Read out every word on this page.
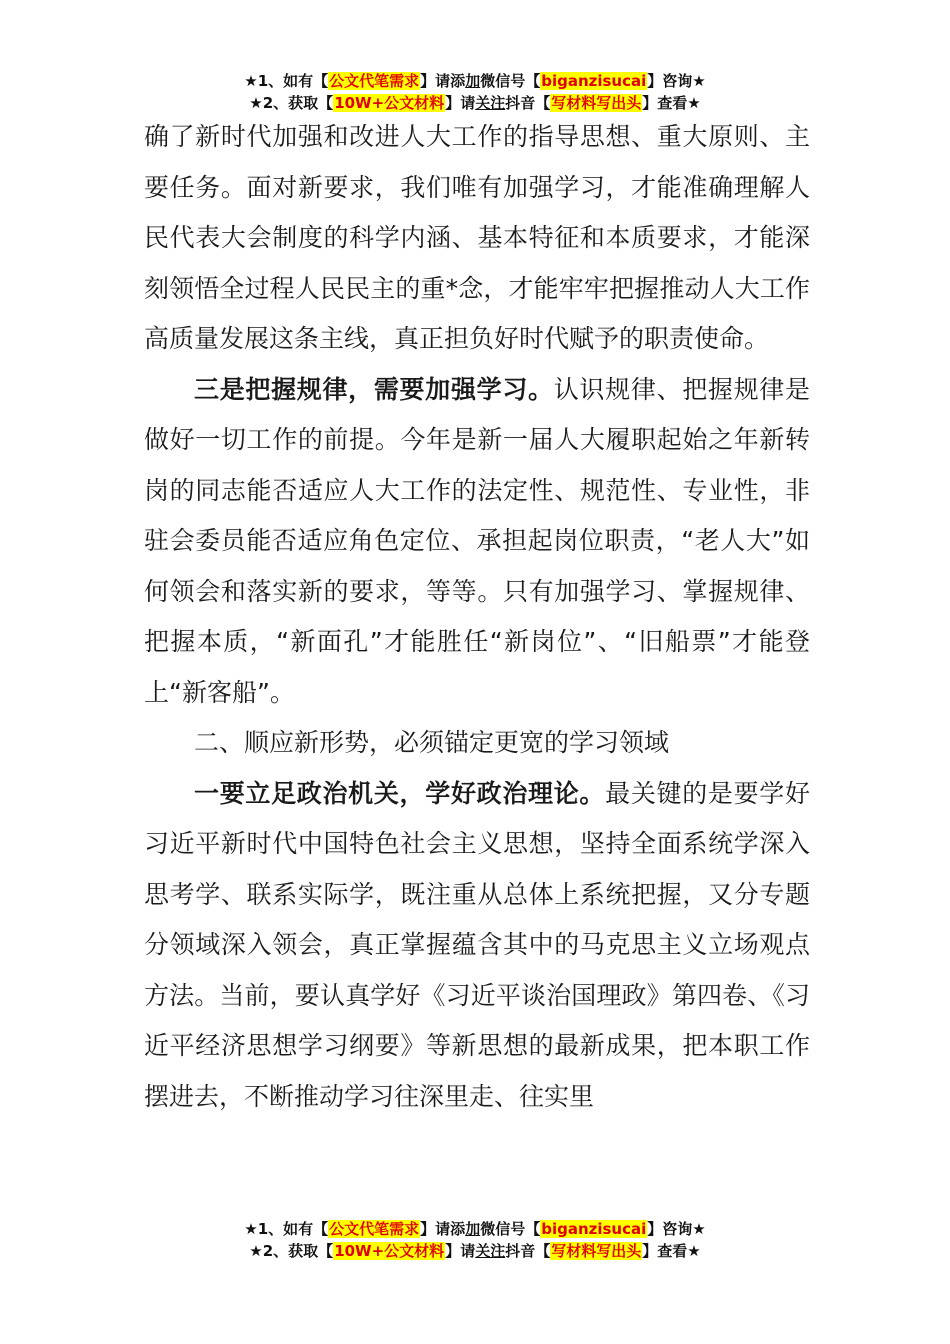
★1、如有【公文代笔需求】请添加微信号【biganzisucai】咨询★
★2、获取【10W+公文材料】请关注抖音【写材料写出头】查看★

确了新时代加强和改进人大工作的指导思想、重大原则、主要任务。面对新要求，我们唯有加强学习，才能准确理解人民代表大会制度的科学内涵、基本特征和本质要求，才能深刻领悟全过程人民民主的重*念，才能牢牢把握推动人大工作高质量发展这条主线，真正担负好时代赋予的职责使命。

三是把握规律，需要加强学习。认识规律、把握规律是做好一切工作的前提。今年是新一届人大履职起始之年新转岗的同志能否适应人大工作的法定性、规范性、专业性，非驻会委员能否适应角色定位、承担起岗位职责，“老人大”如何领会和落实新的要求，等等。只有加强学习、掌握规律、把握本质，“新面孔”才能胜任“新岗位”、“旧船票”才能登上“新客船”。

二、顺应新形势，必须锚定更宽的学习领域

一要立足政治机关，学好政治理论。最关键的是要学好习近平新时代中国特色社会主义思想，坚持全面系统学深入思考学、联系实际学，既注重从总体上系统把握，又分专题分领域深入领会，真正掌握蕴含其中的马克思主义立场观点方法。当前，要认真学好《习近平谈治国理政》第四卷、《习近平经济思想学习纲要》等新思想的最新成果，把本职工作摆进去，不断推动学习往深里走、往实里

★1、如有【公文代笔需求】请添加微信号【biganzisucai】咨询★
★2、获取【10W+公文材料】请关注抖音【写材料写出头】查看★
